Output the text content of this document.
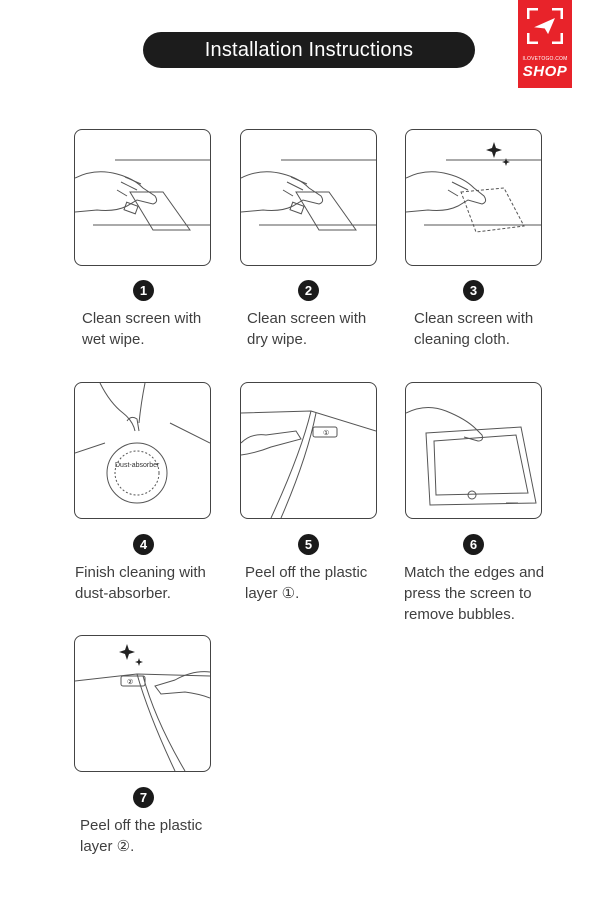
Installation Instructions	ILOVETOGO.COM
SHOP
1
Clean screen with
wet wipe.
2
Clean screen with
dry wipe.
3
Clean screen with
cleaning cloth.
Dust-absorber
4
Finish cleaning with
dust-absorber.
①
5
Peel off the plastic
layer ①.
6
Match the edges and
press the screen to
remove bubbles.
②
7
Peel off the plastic
layer ②.
